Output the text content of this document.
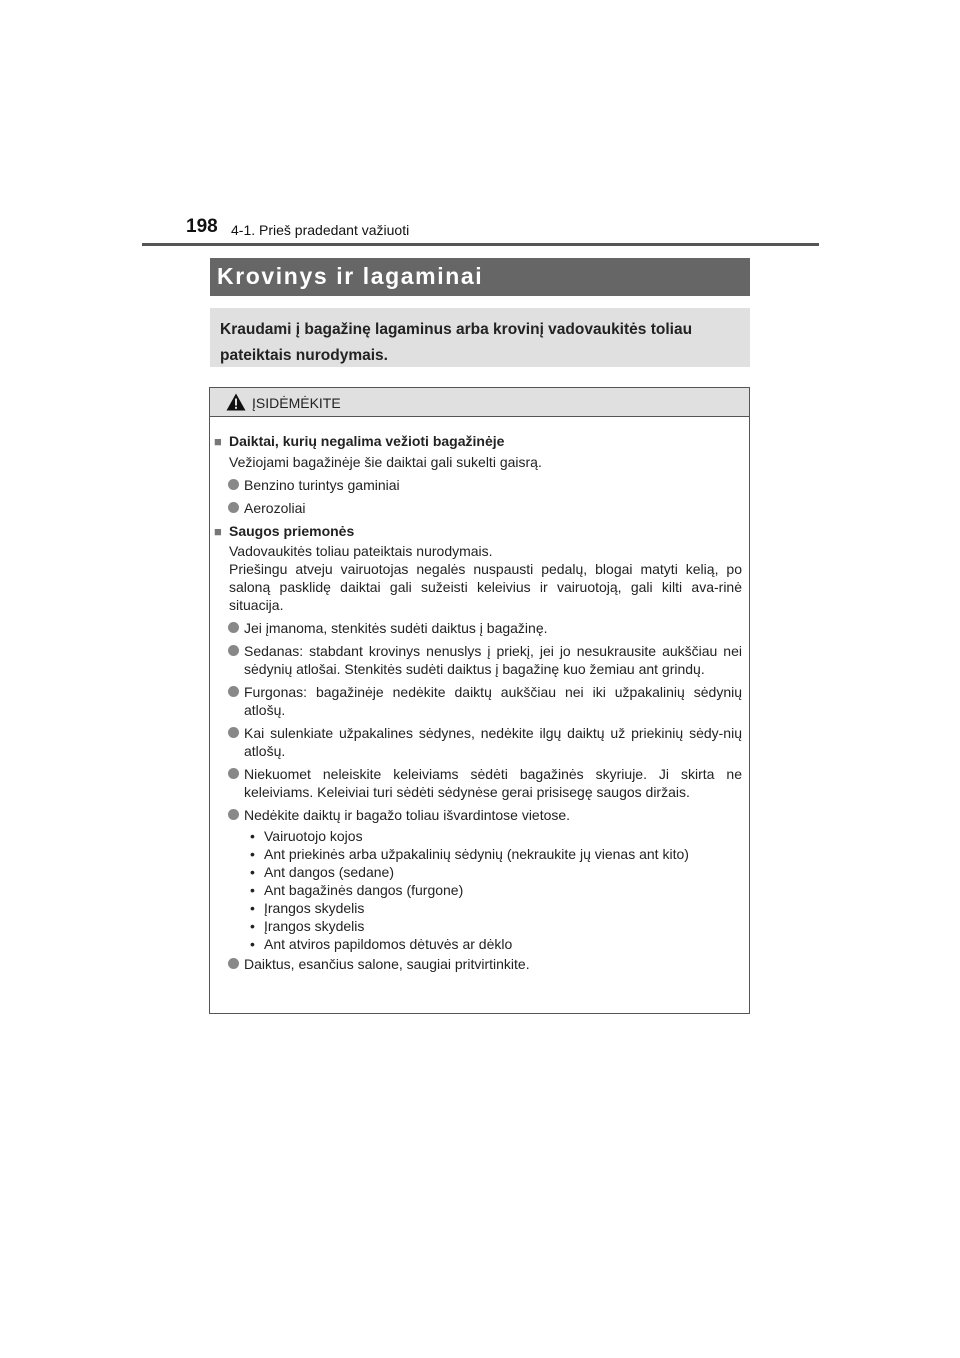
198 4-1. Prieš pradedant važiuoti
Krovinys ir lagaminai
Kraudami į bagažinę lagaminus arba krovinį vadovaukitės toliau pateiktais nurodymais.
ĮSIDĖMĖKITE
■ Daiktai, kurių negalima vežioti bagažinėje

Vežiojami bagažinėje šie daiktai gali sukelti gaisrą.

Benzino turintys gaminiai

Aerozoliai

■ Saugos priemonės

Vadovaukitės toliau pateiktais nurodymais.

Priešingu atveju vairuotojas negalės nuspausti pedalų, blogai matyti kelią, po saloną pasklidę daiktai gali sužeisti keleivius ir vairuotoją, gali kilti ava-rinė situacija.

Jei įmanoma, stenkitės sudėti daiktus į bagažinę.

Sedanas: stabdant krovinys nenuslys į priekį, jei jo nesukrausite aukščiau nei sėdynių atlošai. Stenkitės sudėti daiktus į bagažinę kuo žemiau ant grindų.

Furgonas: bagažinėje nedėkite daiktų aukščiau nei iki užpakalinių sėdynių atlošų.

Kai sulenkiate užpakalines sėdynes, nedėkite ilgų daiktų už priekinių sėdy-nių atlošų.

Niekuomet neleiskite keleiviams sėdėti bagažinės skyriuje. Ji skirta ne keleiviams. Keleiviai turi sėdėti sėdynėse gerai prisisegę saugos diržais.

Nedėkite daiktų ir bagažo toliau išvardintose vietose.

• Vairuotojo kojos

• Ant priekinės arba užpakalinių sėdynių (nekraukite jų vienas ant kito)

• Ant dangos (sedane)

• Ant bagažinės dangos (furgone)

• Įrangos skydelis

• Įrangos skydelis

• Ant atviros papildomos dėtuvės ar dėklo

Daiktus, esančius salone, saugiai pritvirtinkite.
